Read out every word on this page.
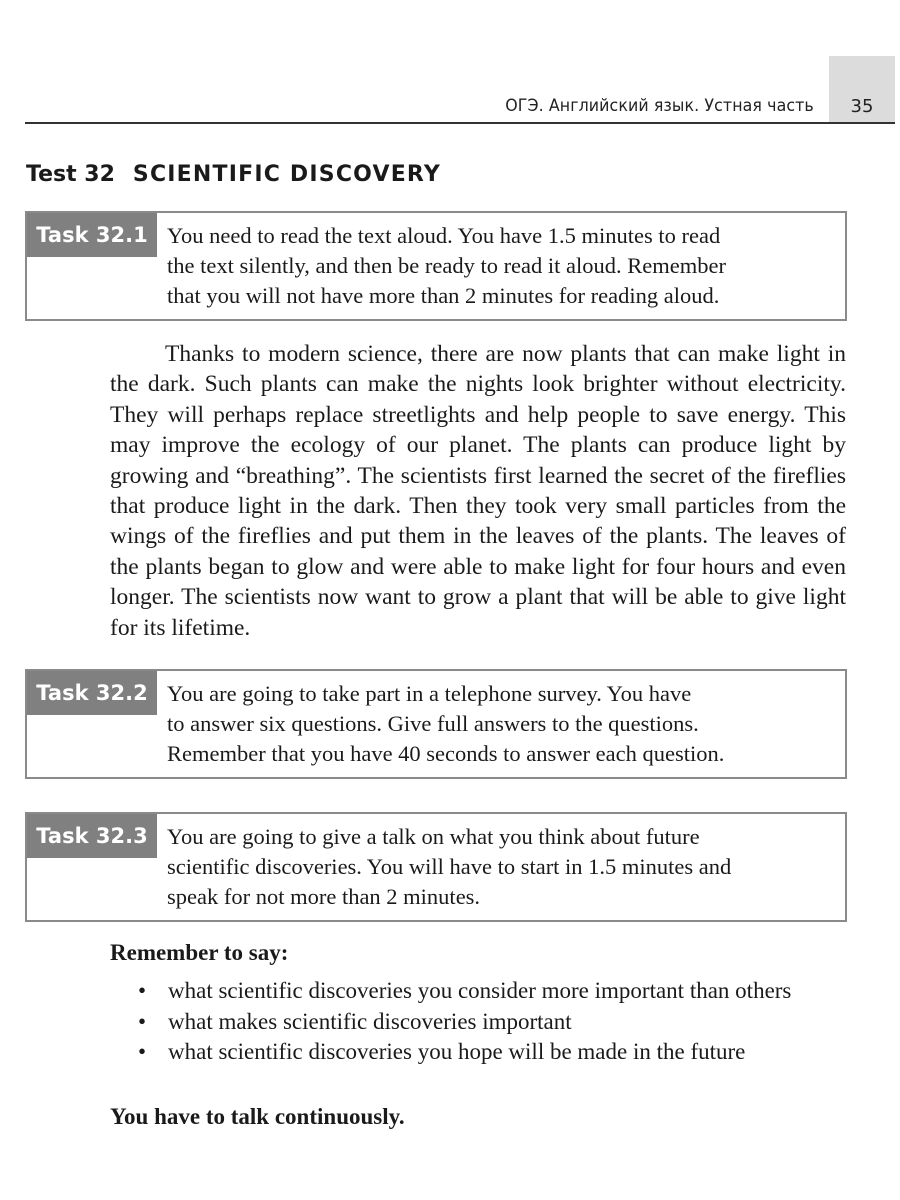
ОГЭ. Английский язык. Устная часть	35
Test 32 SCIENTIFIC DISCOVERY
Task 32.1 You need to read the text aloud. You have 1.5 minutes to read
the text silently, and then be ready to read it aloud. Remember
that you will not have more than 2 minutes for reading aloud.

Thanks to modern science, there are now plants that can make light in the dark. Such plants can make the nights look brighter without electricity. They will perhaps replace streetlights and help people to save energy. This may improve the ecology of our planet. The plants can produce light by growing and “breathing”. The scientists first learned the secret of the fireflies that produce light in the dark. Then they took very small particles from the wings of the fireflies and put them in the leaves of the plants. The leaves of the plants began to glow and were able to make light for four hours and even longer. The scientists now want to grow a plant that will be able to give light for its lifetime.

Task 32.2 You are going to take part in a telephone survey. You have
to answer six questions. Give full answers to the questions.
Remember that you have 40 seconds to answer each question.
Task 32.3 You are going to give a talk on what you think about future
scientific discoveries. You will have to start in 1.5 minutes and
speak for not more than 2 minutes.
Remember to say:
• what scientific discoveries you consider more important than others
• what makes scientific discoveries important
• what scientific discoveries you hope will be made in the future
You have to talk continuously.
